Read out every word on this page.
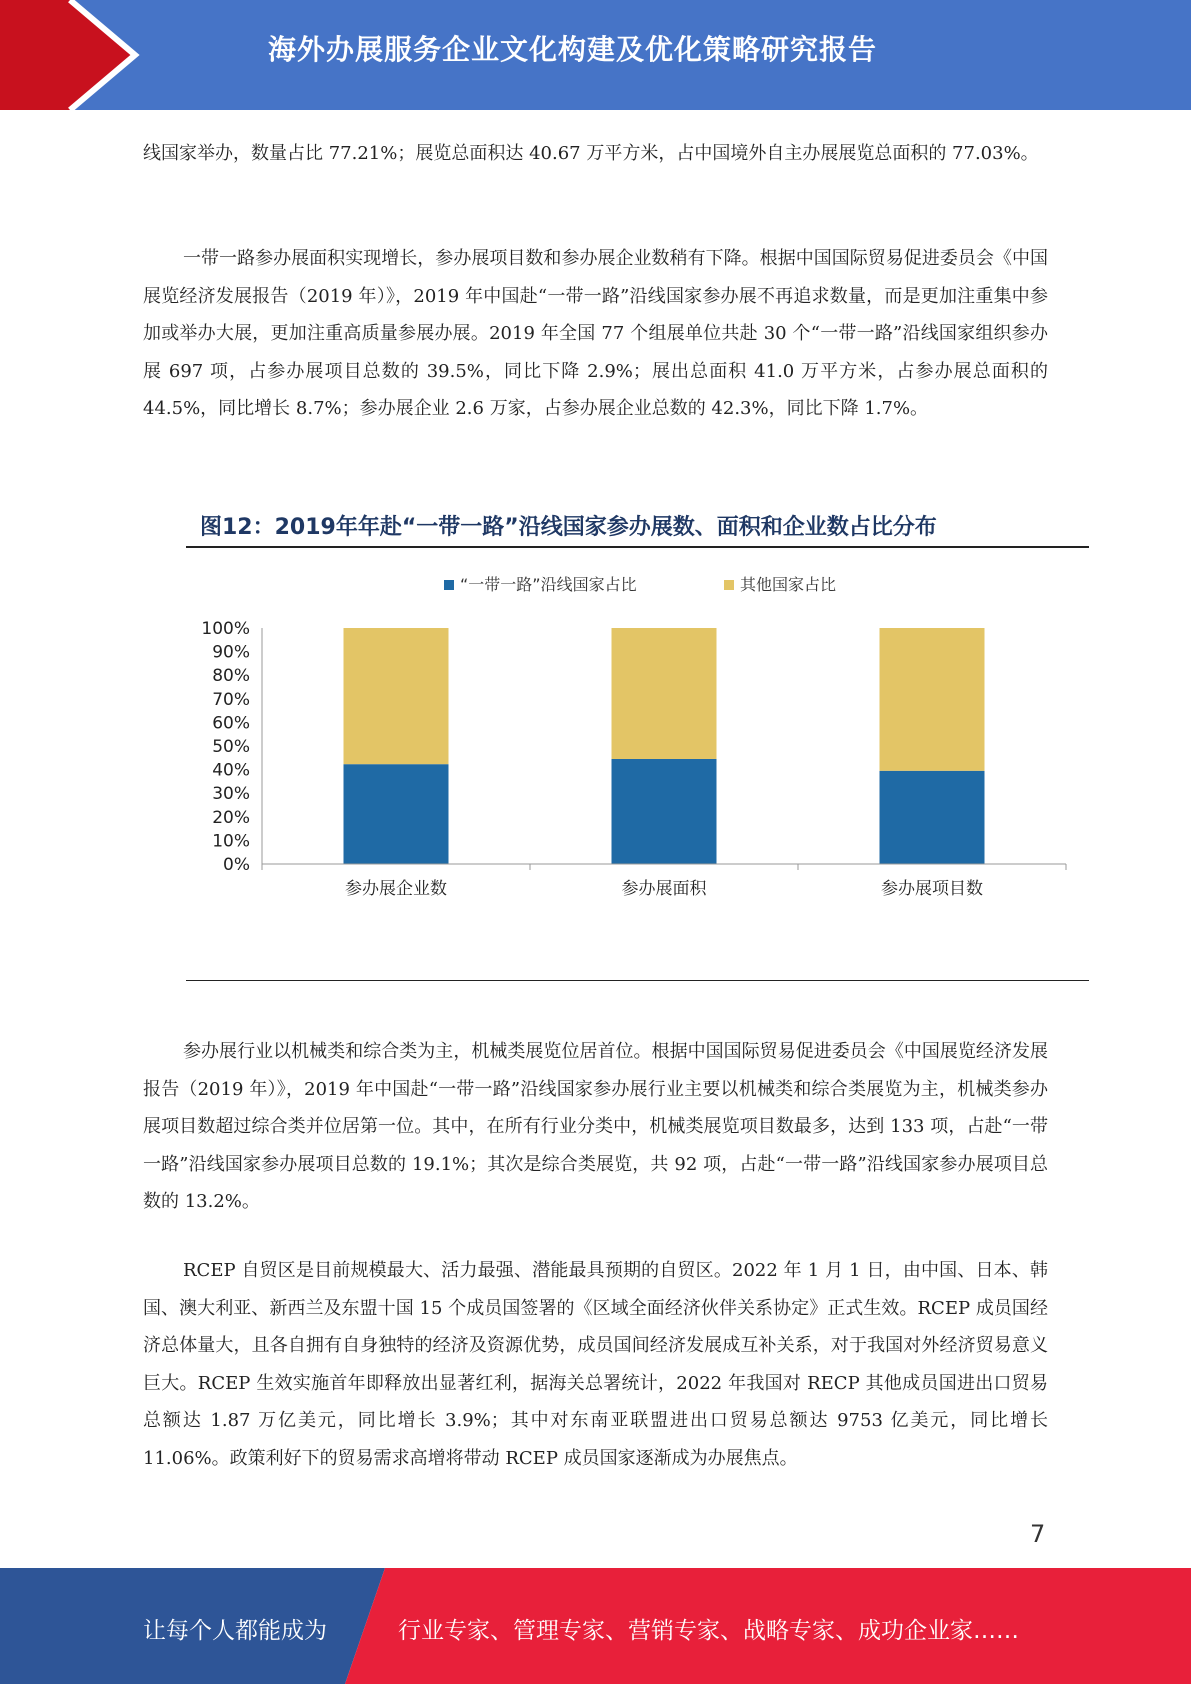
海外办展服务企业文化构建及优化策略研究报告

线国家举办，数量占比 77.21%；展览总面积达 40.67 万平方米，占中国境外自主办展展览总面积的 77.03%。

一带一路参办展面积实现增长，参办展项目数和参办展企业数稍有下降。根据中国国际贸易促进委员会《中国展览经济发展报告（2019 年）》，2019 年中国赴“一带一路”沿线国家参办展不再追求数量，而是更加注重集中参加或举办大展，更加注重高质量参展办展。2019 年全国 77 个组展单位共赴 30 个“一带一路”沿线国家组织参办展 697 项，占参办展项目总数的 39.5%，同比下降 2.9%；展出总面积 41.0 万平方米，占参办展总面积的 44.5%，同比增长 8.7%；参办展企业 2.6 万家，占参办展企业总数的 42.3%，同比下降 1.7%。

图12：2019年年赴“一带一路”沿线国家参办展数、面积和企业数占比分布
“一带一路”沿线国家占比	其他国家占比
0%
10%
20%
30%
40%
50%
60%
70%
80%
90%
100%
参办展企业数	参办展面积	参办展项目数

参办展行业以机械类和综合类为主，机械类展览位居首位。根据中国国际贸易促进委员会《中国展览经济发展报告（2019 年）》，2019 年中国赴“一带一路”沿线国家参办展行业主要以机械类和综合类展览为主，机械类参办展项目数超过综合类并位居第一位。其中，在所有行业分类中，机械类展览项目数最多，达到 133 项，占赴“一带一路”沿线国家参办展项目总数的 19.1%；其次是综合类展览，共 92 项，占赴“一带一路”沿线国家参办展项目总数的 13.2%。

RCEP 自贸区是目前规模最大、活力最强、潜能最具预期的自贸区。2022 年 1 月 1 日，由中国、日本、韩国、澳大利亚、新西兰及东盟十国 15 个成员国签署的《区域全面经济伙伴关系协定》正式生效。RCEP 成员国经济总体量大，且各自拥有自身独特的经济及资源优势，成员国间经济发展成互补关系，对于我国对外经济贸易意义巨大。RCEP 生效实施首年即释放出显著红利，据海关总署统计，2022 年我国对 RECP 其他成员国进出口贸易总额达 1.87 万亿美元，同比增长 3.9%；其中对东南亚联盟进出口贸易总额达 9753 亿美元，同比增长 11.06%。政策利好下的贸易需求高增将带动 RCEP 成员国家逐渐成为办展焦点。

7
让每个人都能成为	行业专家、管理专家、营销专家、战略专家、成功企业家……
